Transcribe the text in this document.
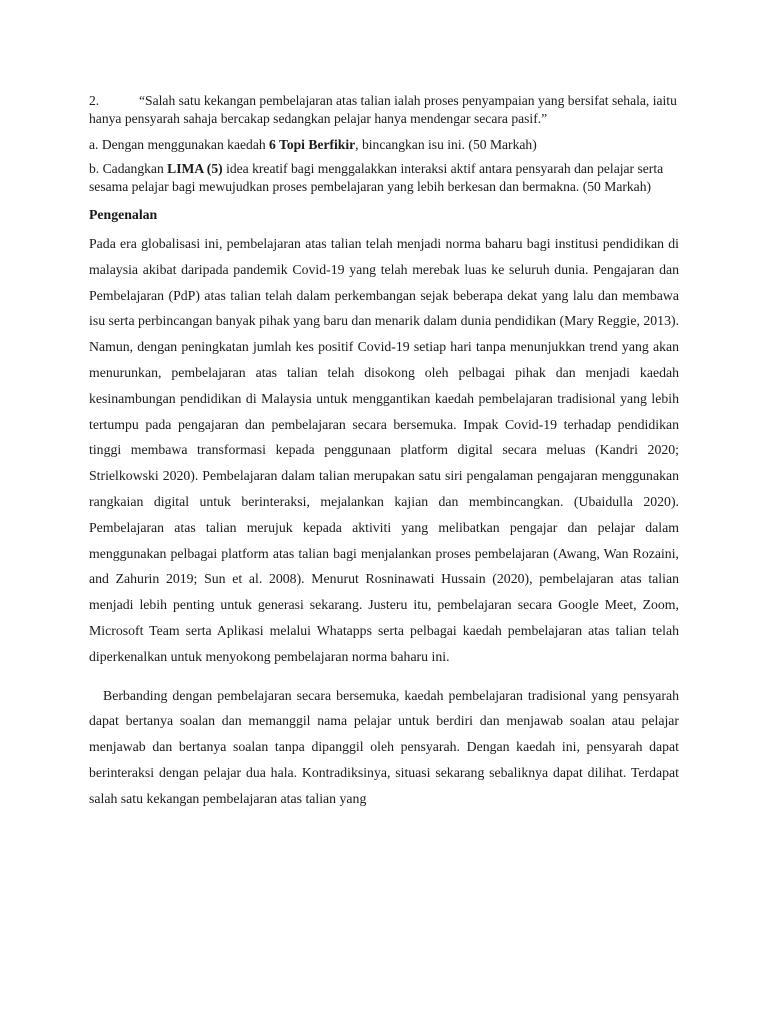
2.	“Salah satu kekangan pembelajaran atas talian ialah proses penyampaian yang bersifat sehala, iaitu hanya pensyarah sahaja bercakap sedangkan pelajar hanya mendengar secara pasif.”

a. Dengan menggunakan kaedah 6 Topi Berfikir, bincangkan isu ini. (50 Markah)

b. Cadangkan LIMA (5) idea kreatif bagi menggalakkan interaksi aktif antara pensyarah dan pelajar serta sesama pelajar bagi mewujudkan proses pembelajaran yang lebih berkesan dan bermakna. (50 Markah)

Pengenalan

Pada era globalisasi ini, pembelajaran atas talian telah menjadi norma baharu bagi institusi pendidikan di malaysia akibat daripada pandemik Covid-19 yang telah merebak luas ke seluruh dunia. Pengajaran dan Pembelajaran (PdP) atas talian telah dalam perkembangan sejak beberapa dekat yang lalu dan membawa isu serta perbincangan banyak pihak yang baru dan menarik dalam dunia pendidikan (Mary Reggie, 2013). Namun, dengan peningkatan jumlah kes positif Covid-19 setiap hari tanpa menunjukkan trend yang akan menurunkan, pembelajaran atas talian telah disokong oleh pelbagai pihak dan menjadi kaedah kesinambungan pendidikan di Malaysia untuk menggantikan kaedah pembelajaran tradisional yang lebih tertumpu pada pengajaran dan pembelajaran secara bersemuka. Impak Covid-19 terhadap pendidikan tinggi membawa transformasi kepada penggunaan platform digital secara meluas (Kandri 2020; Strielkowski 2020). Pembelajaran dalam talian merupakan satu siri pengalaman pengajaran menggunakan rangkaian digital untuk berinteraksi, mejalankan kajian dan membincangkan. (Ubaidulla 2020). Pembelajaran atas talian merujuk kepada aktiviti yang melibatkan pengajar dan pelajar dalam menggunakan pelbagai platform atas talian bagi menjalankan proses pembelajaran (Awang, Wan Rozaini, and Zahurin 2019; Sun et al. 2008). Menurut Rosninawati Hussain (2020), pembelajaran atas talian menjadi lebih penting untuk generasi sekarang. Justeru itu, pembelajaran secara Google Meet, Zoom, Microsoft Team serta Aplikasi melalui Whatapps serta pelbagai kaedah pembelajaran atas talian telah diperkenalkan untuk menyokong pembelajaran norma baharu ini.

Berbanding dengan pembelajaran secara bersemuka, kaedah pembelajaran tradisional yang pensyarah dapat bertanya soalan dan memanggil nama pelajar untuk berdiri dan menjawab soalan atau pelajar menjawab dan bertanya soalan tanpa dipanggil oleh pensyarah. Dengan kaedah ini, pensyarah dapat berinteraksi dengan pelajar dua hala. Kontradiksinya, situasi sekarang sebaliknya dapat dilihat. Terdapat salah satu kekangan pembelajaran atas talian yang
